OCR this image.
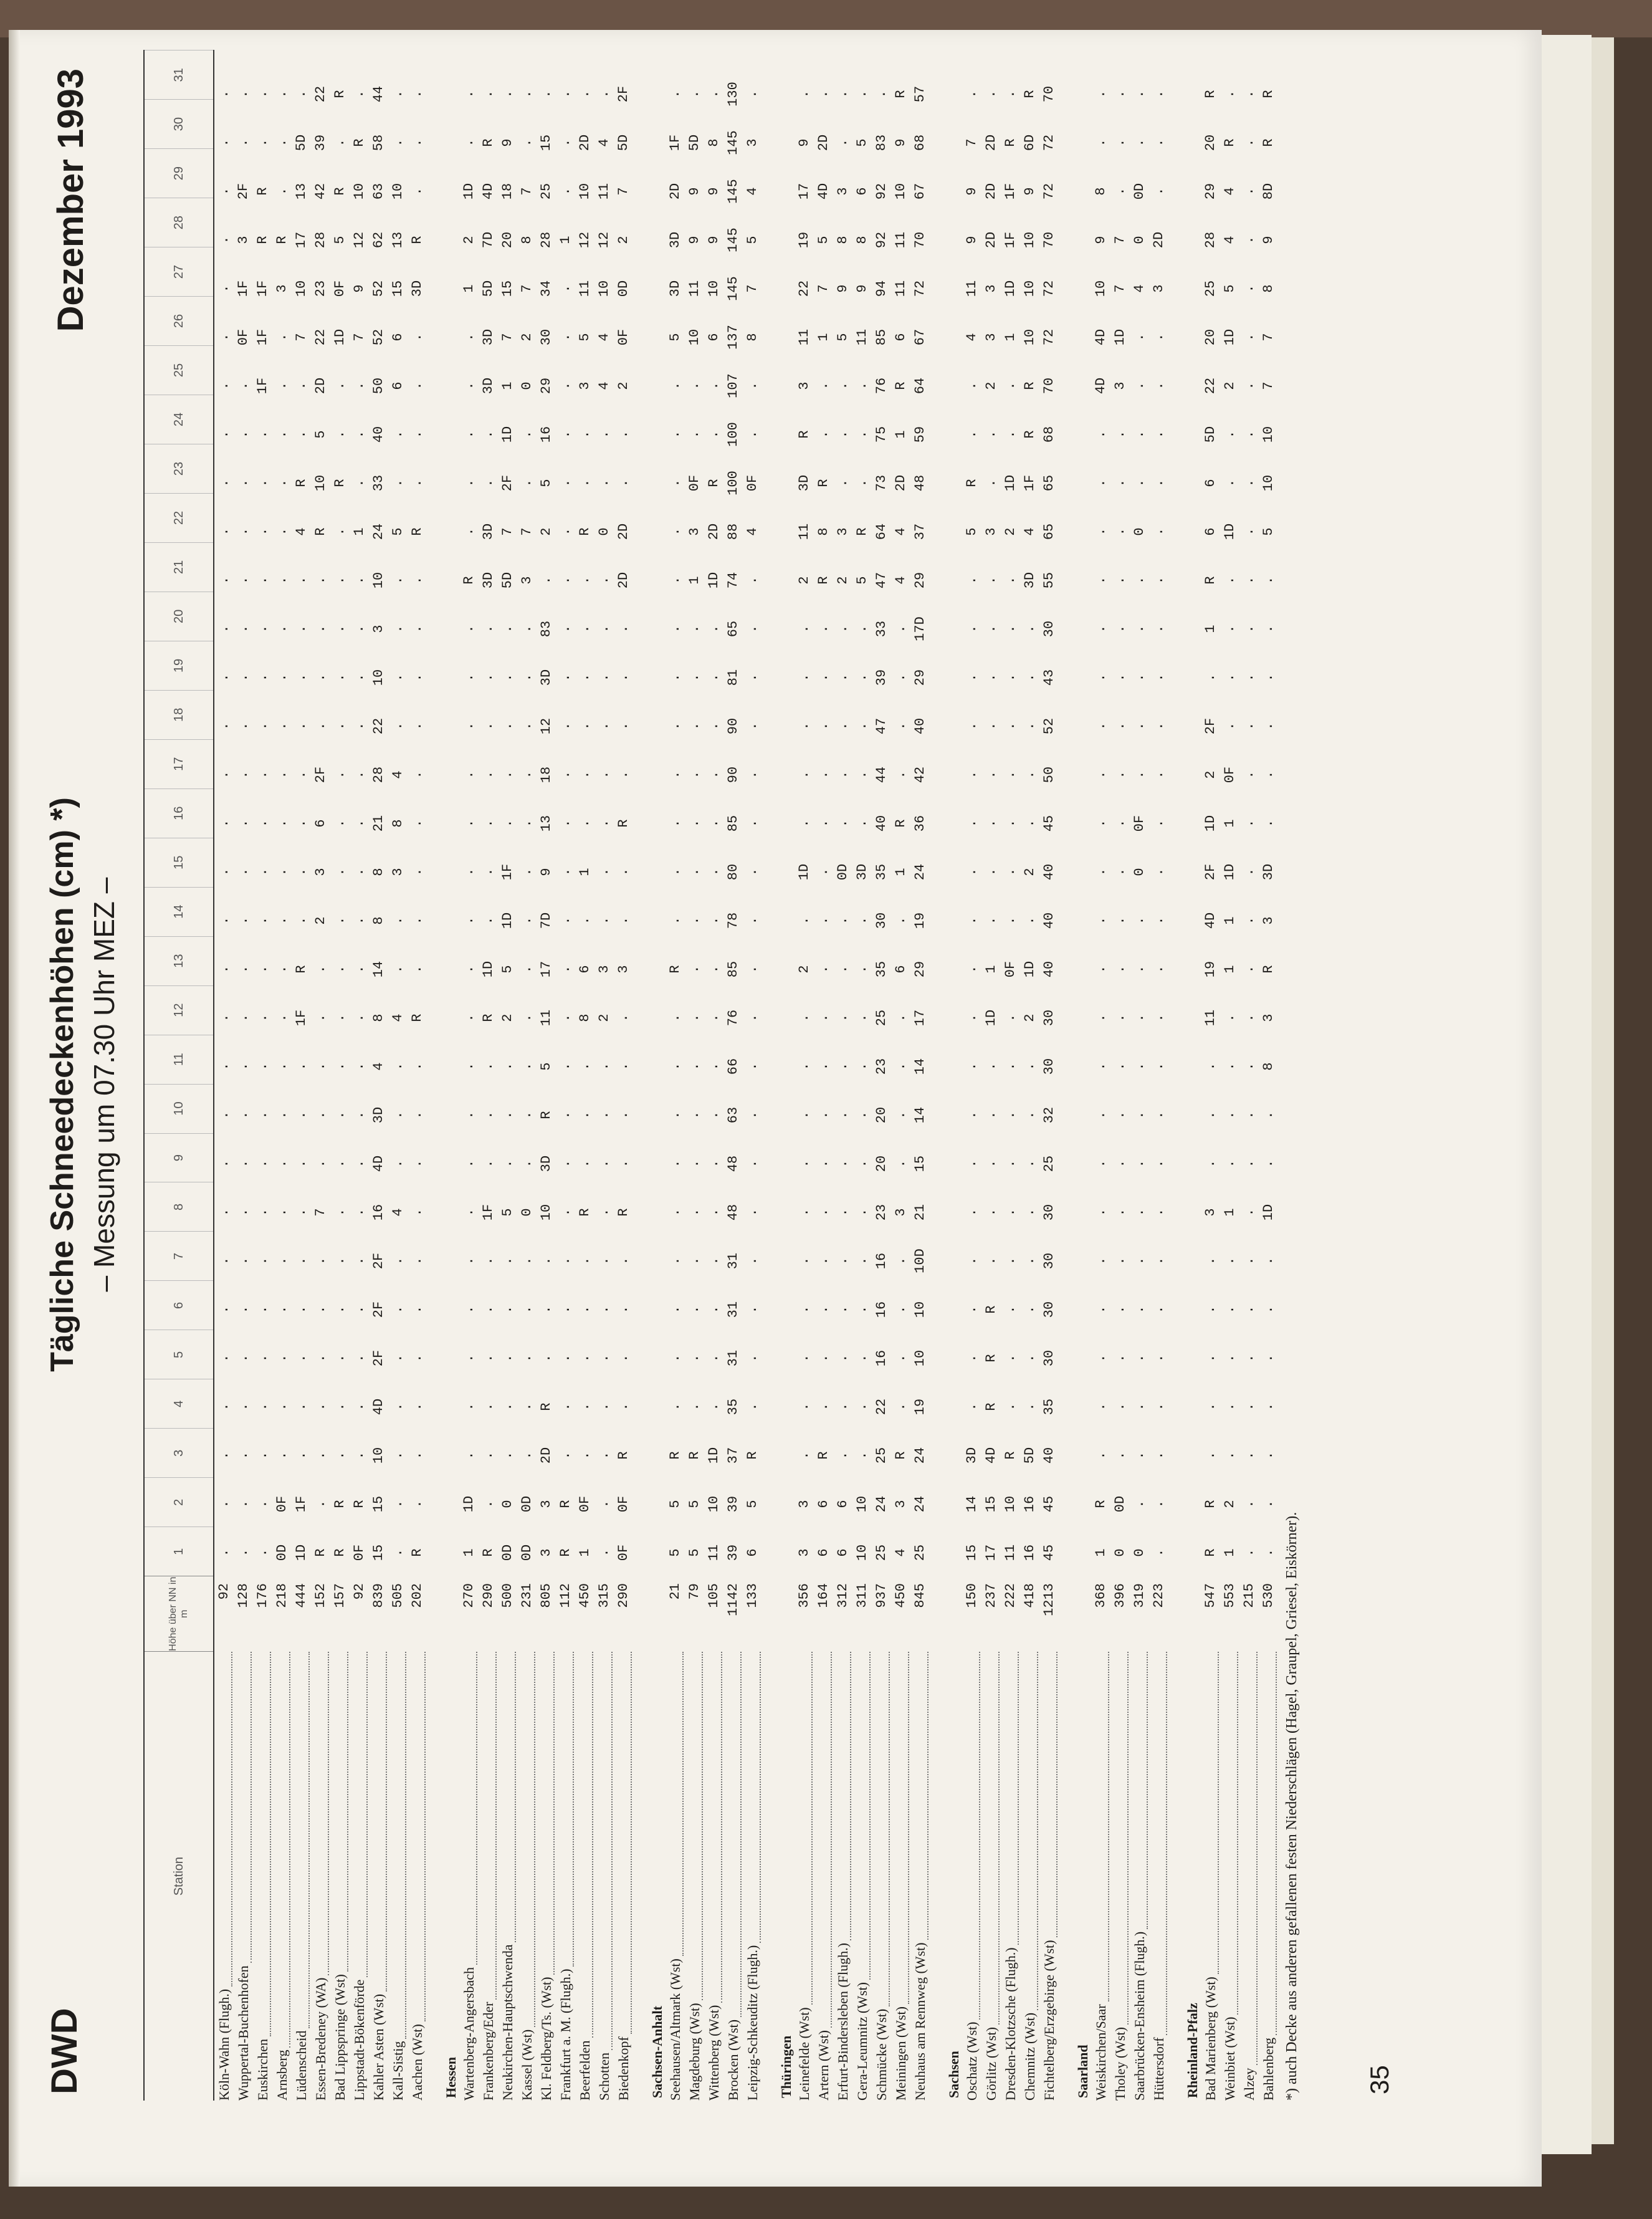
DWD
Tägliche Schneedeckenhöhen (cm) *) – Messung um 07.30 Uhr MEZ –
Dezember 1993
Station
Höhe über NN in m
1
2
3
4
5
6
7
8
9
10
11
12
13
14
15
16
17
18
19
20
21
22
23
24
25
26
27
28
29
30
31
Köln-Wahn (Flugh.)
92
.
.
.
.
.
.
.
.
.
.
.
.
.
.
.
.
.
.
.
.
.
.
.
.
.
.
.
.
.
.
.
Wuppertal-Buchenhofen
128
.
.
.
.
.
.
.
.
.
.
.
.
.
.
.
.
.
.
.
.
.
.
.
.
.
0F
1F
3
2F
.
.
Euskirchen
176
.
.
.
.
.
.
.
.
.
.
.
.
.
.
.
.
.
.
.
.
.
.
.
.
1F
1F
1F
R
R
.
.
Arnsberg
218
0D
0F
.
.
.
.
.
.
.
.
.
.
.
.
.
.
.
.
.
.
.
.
.
.
.
.
3
R
.
.
.
Lüdenscheid
444
1D
1F
.
.
.
.
.
.
.
.
.
1F
R
.
.
.
.
.
.
.
.
4
R
.
.
7
10
17
13
5D
.
Essen-Bredeney (WA)
152
R
.
.
.
.
.
.
7
.
.
.
.
.
2
3
6
2F
.
.
.
.
R
10
5
2D
22
23
28
42
39
22
Bad Lippspringe (Wst)
157
R
R
.
.
.
.
.
.
.
.
.
.
.
.
.
.
.
.
.
.
.
.
R
.
.
1D
0F
5
R
.
R
Lippstadt-Bökenförde
92
0F
R
.
.
.
.
.
.
.
.
.
.
.
.
.
.
.
.
.
.
.
1
.
.
.
7
9
12
10
R
.
Kahler Asten (Wst)
839
15
15
10
4D
2F
2F
2F
16
4D
3D
4
8
14
8
8
21
28
22
10
3
10
24
33
40
50
52
52
62
63
58
44
Kall-Sistig
505
.
.
.
.
.
.
.
4
.
.
.
4
.
.
3
8
4
.
.
.
.
5
.
.
6
6
15
13
10
.
.
Aachen (Wst)
202
R
.
.
.
.
.
.
.
.
.
.
R
.
.
.
.
.
.
.
.
.
R
.
.
.
.
3D
R
.
.
.
Hessen Wartenberg-Angersbach
270
1
1D
.
.
.
.
.
.
.
.
.
.
.
.
.
.
.
.
.
.
R
.
.
.
.
.
1
2
1D
.
.
Frankenberg/Eder
290
R
.
.
.
.
.
.
1F
.
.
.
R
1D
.
.
.
.
.
.
.
3D
3D
.
.
3D
3D
5D
7D
4D
R
.
Neukirchen-Hauptschwenda
500
0D
0
.
.
.
.
.
5
.
.
.
2
5
1D
1F
.
.
.
.
.
5D
7
2F
1D
1
7
15
20
18
9
.
Kassel (Wst)
231
0D
0D
.
.
.
.
.
0
.
.
.
.
.
.
.
.
.
.
.
.
3
7
.
.
0
2
7
8
7
.
.
Kl. Feldberg/Ts. (Wst)
805
3
3
2D
R
.
.
.
10
3D
R
5
11
17
7D
9
13
18
12
3D
83
.
2
5
16
29
30
34
28
25
15
.
Frankfurt a. M. (Flugh.)
112
R
R
.
.
.
.
.
.
.
.
.
.
.
.
.
.
.
.
.
.
.
.
.
.
.
.
.
1
.
.
.
Beerfelden
450
1
0F
.
.
.
.
.
R
.
.
.
8
6
.
1
.
.
.
.
.
.
R
.
.
3
5
11
12
10
2D
.
Schotten
315
.
.
.
.
.
.
.
.
.
.
.
2
3
.
.
.
.
.
.
.
.
0
.
.
4
4
10
12
11
4
.
Biedenkopf
290
0F
0F
R
.
.
.
.
R
.
.
.
.
3
.
.
R
.
.
.
.
2D
2D
.
.
2
0F
0D
2
7
5D
2F
Sachsen-Anhalt Seehausen/Altmark (Wst)
21
5
5
R
.
.
.
.
.
.
.
.
.
R
.
.
.
.
.
.
.
.
.
.
.
.
5
3D
3D
2D
1F
.
Magdeburg (Wst)
79
5
5
R
.
.
.
.
.
.
.
.
.
.
.
.
.
.
.
.
.
1
3
0F
.
.
10
11
9
9
5D
.
Wittenberg (Wst)
105
11
10
1D
.
.
.
.
.
.
.
.
.
.
.
.
.
.
.
.
.
1D
2D
R
.
.
6
10
9
9
8
.
Brocken (Wst)
1142
39
39
37
35
31
31
31
48
48
63
66
76
85
78
80
85
90
90
81
65
74
88
100
100
107
137
145
145
145
145
130
Leipzig-Schkeuditz (Flugh.)
133
6
5
R
.
.
.
.
.
.
.
.
.
.
.
.
.
.
.
.
.
.
4
0F
.
.
8
7
5
4
3
.
Thüringen Leinefelde (Wst)
356
3
3
.
.
.
.
.
.
.
.
.
.
2
.
1D
.
.
.
.
.
2
11
3D
R
3
11
22
19
17
9
.
Artern (Wst)
164
6
6
R
.
.
.
.
.
.
.
.
.
.
.
.
.
.
.
.
.
R
8
R
.
.
1
7
5
4D
2D
.
Erfurt-Bindersleben (Flugh.)
312
6
6
.
.
.
.
.
.
.
.
.
.
.
.
0D
.
.
.
.
.
2
3
.
.
.
5
9
8
3
.
.
Gera-Leumnitz (Wst)
311
10
10
.
.
.
.
.
.
.
.
.
.
.
.
3D
.
.
.
.
.
5
R
.
.
.
11
9
8
6
5
.
Schmücke (Wst)
937
25
24
25
22
16
16
16
23
20
20
23
25
35
30
35
40
44
47
39
33
47
64
73
75
76
85
94
92
92
83
.
Meiningen (Wst)
450
4
3
R
.
.
.
.
3
.
.
.
.
6
.
1
R
.
.
.
.
4
4
2D
1
R
6
11
11
10
9
R
Neuhaus am Rennweg (Wst)
845
25
24
24
19
10
10
10D
21
15
14
14
17
29
19
24
36
42
40
29
17D
29
37
48
59
64
67
72
70
67
68
57
Sachsen Oschatz (Wst)
150
15
14
3D
.
.
.
.
.
.
.
.
.
.
.
.
.
.
.
.
.
.
5
R
.
.
4
11
9
9
7
.
Görlitz (Wst)
237
17
15
4D
R
R
R
.
.
.
.
.
1D
1
.
.
.
.
.
.
.
.
3
.
.
2
3
3
2D
2D
2D
.
Dresden-Klotzsche (Flugh.)
222
11
10
R
.
.
.
.
.
.
.
.
.
0F
.
.
.
.
.
.
.
.
2
1D
.
.
1
1D
1F
1F
R
.
Chemnitz (Wst)
418
16
16
5D
.
.
.
.
.
.
.
.
2
1D
.
2
.
.
.
.
.
3D
4
1F
R
R
10
10
10
9
6D
R
Fichtelberg/Erzgebirge (Wst)
1213
45
45
40
35
30
30
30
30
25
32
30
30
40
40
40
45
50
52
43
30
55
65
65
68
70
72
72
70
72
72
70
Saarland Weiskirchen/Saar
368
1
R
.
.
.
.
.
.
.
.
.
.
.
.
.
.
.
.
.
.
.
.
.
.
4D
4D
10
9
8
.
.
Tholey (Wst)
396
0
0D
.
.
.
.
.
.
.
.
.
.
.
.
.
.
.
.
.
.
.
.
.
.
3
1D
7
7
.
.
.
Saarbrücken-Ensheim (Flugh.)
319
0
.
.
.
.
.
.
.
.
.
.
.
.
.
0
0F
.
.
.
.
.
0
.
.
.
.
4
0
0D
.
.
Hüttersdorf
223
.
.
.
.
.
.
.
.
.
.
.
.
.
.
.
.
.
.
.
.
.
.
.
.
.
.
3
2D
.
.
.
Rheinland-Pfalz Bad Marienberg (Wst)
547
R
R
.
.
.
.
.
3
.
.
.
11
19
4D
2F
1D
2
2F
.
1
R
6
6
5D
22
20
25
28
29
20
R
Weinbiet (Wst)
553
1
2
.
.
.
.
.
1
.
.
.
.
1
1
1D
1
0F
.
.
.
.
1D
.
.
2
1D
5
4
4
R
.
Alzey
215
.
.
.
.
.
.
.
.
.
.
.
.
.
.
.
.
.
.
.
.
.
.
.
.
.
.
.
.
.
.
.
Bahlenberg
530
.
.
.
.
.
.
.
1D
.
.
8
3
R
3
3D
.
.
.
.
.
.
5
10
10
7
7
8
9
8D
R
R
*) auch Decke aus anderen gefallenen festen Niederschlägen (Hagel, Graupel, Griesel, Eiskörner). 35
